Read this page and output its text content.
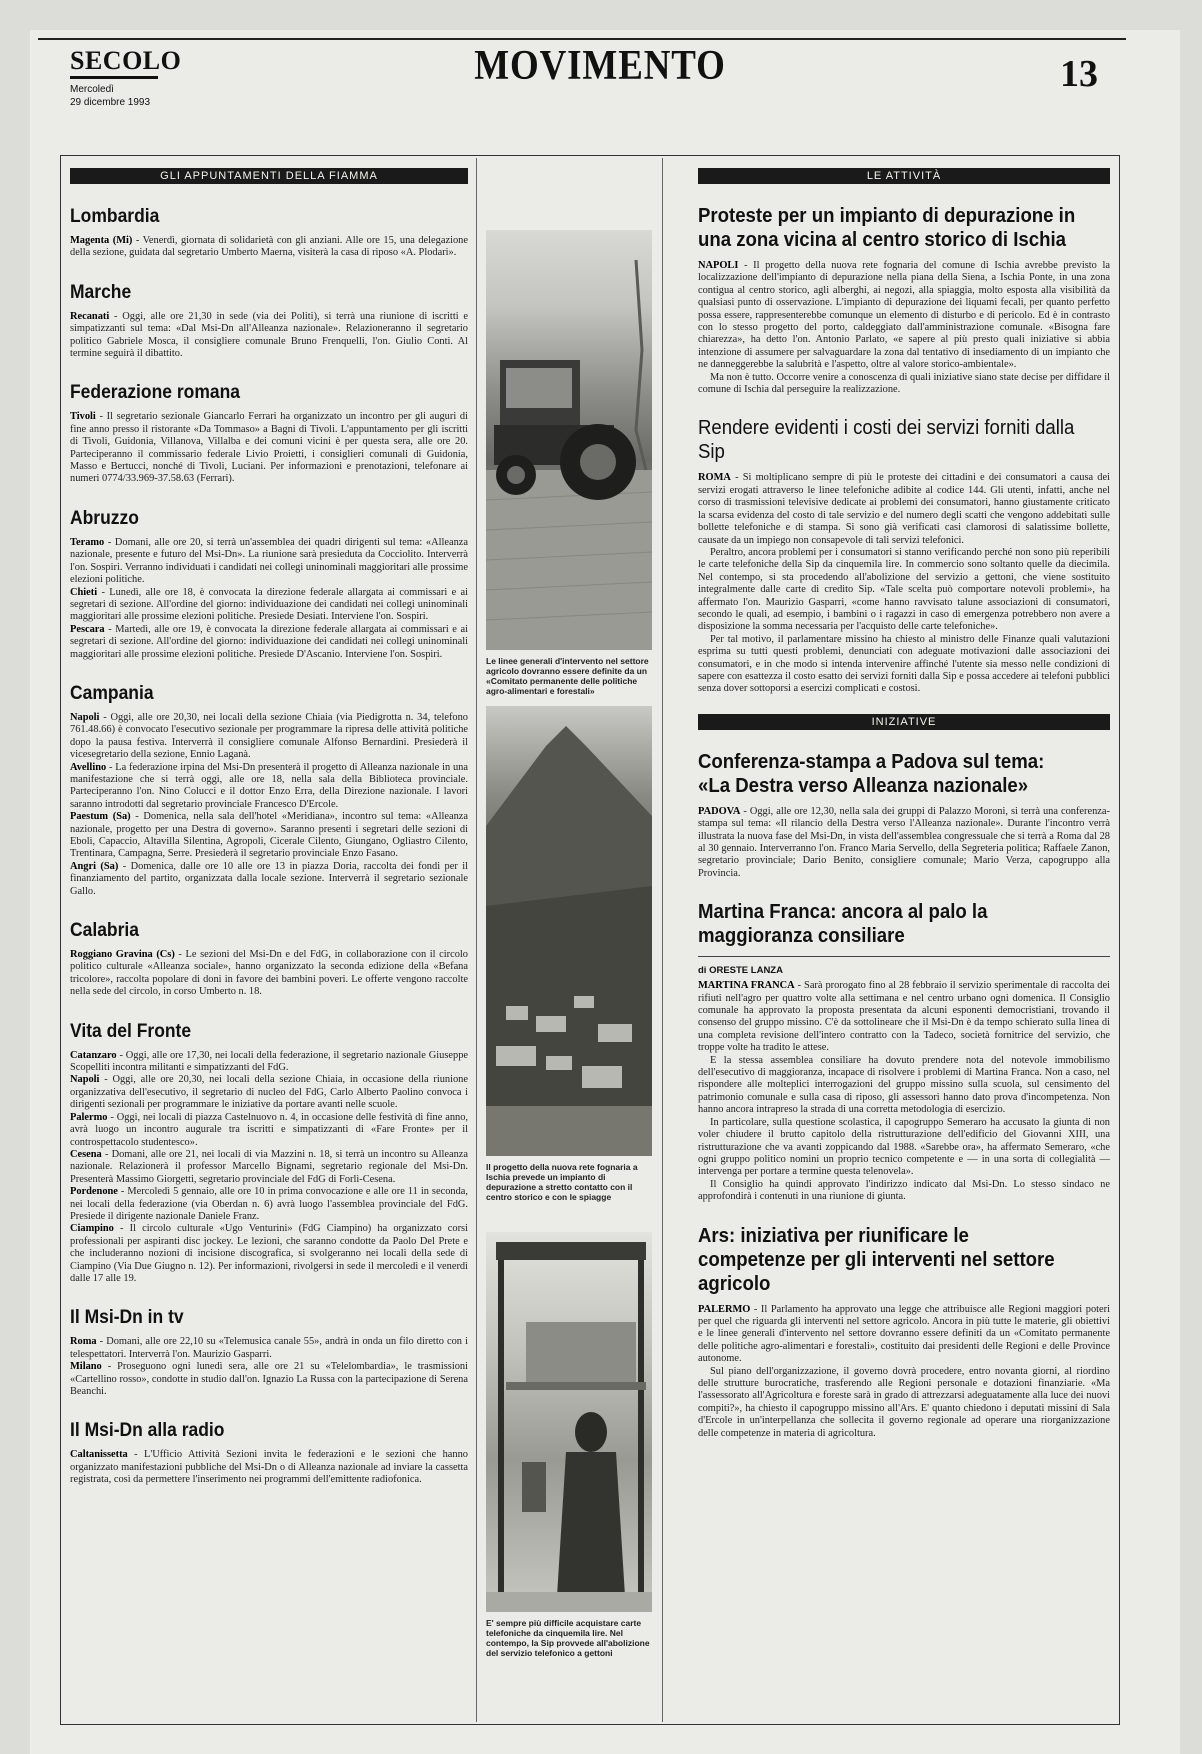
SECOLO
Mercoledì
29 dicembre 1993
MOVIMENTO	13
GLI APPUNTAMENTI DELLA FIAMMA
Lombardia

Magenta (Mi) - Venerdì, giornata di solidarietà con gli anziani. Alle ore 15, una delegazione della sezione, guidata dal segretario Umberto Maerna, visiterà la casa di riposo «A. Plodari».

Marche

Recanati - Oggi, alle ore 21,30 in sede (via dei Politi), si terrà una riunione di iscritti e simpatizzanti sul tema: «Dal Msi-Dn all'Alleanza nazionale». Relazioneranno il segretario politico Gabriele Mosca, il consigliere comunale Bruno Frenquelli, l'on. Giulio Conti. Al termine seguirà il dibattito.

Federazione romana

Tivoli - Il segretario sezionale Giancarlo Ferrari ha organizzato un incontro per gli auguri di fine anno presso il ristorante «Da Tommaso» a Bagni di Tivoli. L'appuntamento per gli iscritti di Tivoli, Guidonia, Villanova, Villalba e dei comuni vicini è per questa sera, alle ore 20. Parteciperanno il commissario federale Livio Proietti, i consiglieri comunali di Guidonia, Masso e Bertucci, nonché di Tivoli, Luciani. Per informazioni e prenotazioni, telefonare ai numeri 0774/33.969-37.58.63 (Ferrari).

Abruzzo

Teramo - Domani, alle ore 20, si terrà un'assemblea dei quadri dirigenti sul tema: «Alleanza nazionale, presente e futuro del Msi-Dn». La riunione sarà presieduta da Cocciolito. Interverrà l'on. Sospiri. Verranno individuati i candidati nei collegi uninominali maggioritari alle prossime elezioni politiche.

Chieti - Lunedì, alle ore 18, è convocata la direzione federale allargata ai commissari e ai segretari di sezione. All'ordine del giorno: individuazione dei candidati nei collegi uninominali maggioritari alle prossime elezioni politiche. Presiede Desiati. Interviene l'on. Sospiri.

Pescara - Martedì, alle ore 19, è convocata la direzione federale allargata ai commissari e ai segretari di sezione. All'ordine del giorno: individuazione dei candidati nei collegi uninominali maggioritari alle prossime elezioni politiche. Presiede D'Ascanio. Interviene l'on. Sospiri.

Campania

Napoli - Oggi, alle ore 20,30, nei locali della sezione Chiaia (via Piedigrotta n. 34, telefono 761.48.66) è convocato l'esecutivo sezionale per programmare la ripresa delle attività politiche dopo la pausa festiva. Interverrà il consigliere comunale Alfonso Bernardini. Presiederà il vicesegretario della sezione, Ennio Laganà.

Avellino - La federazione irpina del Msi-Dn presenterà il progetto di Alleanza nazionale in una manifestazione che si terrà oggi, alle ore 18, nella sala della Biblioteca provinciale. Parteciperanno l'on. Nino Colucci e il dottor Enzo Erra, della Direzione nazionale. I lavori saranno introdotti dal segretario provinciale Francesco D'Ercole.

Paestum (Sa) - Domenica, nella sala dell'hotel «Meridiana», incontro sul tema: «Alleanza nazionale, progetto per una Destra di governo». Saranno presenti i segretari delle sezioni di Eboli, Capaccio, Altavilla Silentina, Agropoli, Cicerale Cilento, Giungano, Ogliastro Cilento, Trentinara, Campagna, Serre. Presiederà il segretario provinciale Enzo Fasano.

Angri (Sa) - Domenica, dalle ore 10 alle ore 13 in piazza Doria, raccolta dei fondi per il finanziamento del partito, organizzata dalla locale sezione. Interverrà il segretario sezionale Gallo.

Calabria

Roggiano Gravina (Cs) - Le sezioni del Msi-Dn e del FdG, in collaborazione con il circolo politico culturale «Alleanza sociale», hanno organizzato la seconda edizione della «Befana tricolore», raccolta popolare di doni in favore dei bambini poveri. Le offerte vengono raccolte nella sede del circolo, in corso Umberto n. 18.

Vita del Fronte

Catanzaro - Oggi, alle ore 17,30, nei locali della federazione, il segretario nazionale Giuseppe Scopelliti incontra militanti e simpatizzanti del FdG.

Napoli - Oggi, alle ore 20,30, nei locali della sezione Chiaia, in occasione della riunione organizzativa dell'esecutivo, il segretario di nucleo del FdG, Carlo Alberto Paolino convoca i dirigenti sezionali per programmare le iniziative da portare avanti nelle scuole.

Palermo - Oggi, nei locali di piazza Castelnuovo n. 4, in occasione delle festività di fine anno, avrà luogo un incontro augurale tra iscritti e simpatizzanti di «Fare Fronte» per il controspettacolo studentesco».

Cesena - Domani, alle ore 21, nei locali di via Mazzini n. 18, si terrà un incontro su Alleanza nazionale. Relazionerà il professor Marcello Bignami, segretario regionale del Msi-Dn. Presenterà Massimo Giorgetti, segretario provinciale del FdG di Forlì-Cesena.

Pordenone - Mercoledì 5 gennaio, alle ore 10 in prima convocazione e alle ore 11 in seconda, nei locali della federazione (via Oberdan n. 6) avrà luogo l'assemblea provinciale del FdG. Presiede il dirigente nazionale Daniele Franz.

Ciampino - Il circolo culturale «Ugo Venturini» (FdG Ciampino) ha organizzato corsi professionali per aspiranti disc jockey. Le lezioni, che saranno condotte da Paolo Del Prete e che includeranno nozioni di incisione discografica, si svolgeranno nei locali della sede di Ciampino (Via Due Giugno n. 12). Per informazioni, rivolgersi in sede il mercoledì e il venerdì dalle 17 alle 19.

Il Msi-Dn in tv

Roma - Domani, alle ore 22,10 su «Telemusica canale 55», andrà in onda un filo diretto con i telespettatori. Interverrà l'on. Maurizio Gasparri.

Milano - Proseguono ogni lunedì sera, alle ore 21 su «Telelombardia», le trasmissioni «Cartellino rosso», condotte in studio dall'on. Ignazio La Russa con la partecipazione di Serena Beanchi.

Il Msi-Dn alla radio

Caltanissetta - L'Ufficio Attività Sezioni invita le federazioni e le sezioni che hanno organizzato manifestazioni pubbliche del Msi-Dn o di Alleanza nazionale ad inviare la cassetta registrata, così da permettere l'inserimento nei programmi dell'emittente radiofonica.

Le linee generali d'intervento nel settore agricolo dovranno essere definite da un «Comitato permanente delle politiche agro-alimentari e forestali»
Il progetto della nuova rete fognaria a Ischia prevede un impianto di depurazione a stretto contatto con il centro storico e con le spiagge
E' sempre più difficile acquistare carte telefoniche da cinquemila lire. Nel contempo, la Sip provvede all'abolizione del servizio telefonico a gettoni
LE ATTIVITÀ
Proteste per un impianto di depurazione in una zona vicina al centro storico di Ischia

NAPOLI - Il progetto della nuova rete fognaria del comune di Ischia avrebbe previsto la localizzazione dell'impianto di depurazione nella piana della Siena, a Ischia Ponte, in una zona contigua al centro storico, agli alberghi, ai negozi, alla spiaggia, molto esposta alla visibilità da qualsiasi punto di osservazione. L'impianto di depurazione dei liquami fecali, per quanto perfetto possa essere, rappresenterebbe comunque un elemento di disturbo e di pericolo. Ed è in contrasto con lo stesso progetto del porto, caldeggiato dall'amministrazione comunale. «Bisogna fare chiarezza», ha detto l'on. Antonio Parlato, «e sapere al più presto quali iniziative si abbia intenzione di assumere per salvaguardare la zona dal tentativo di insediamento di un impianto che ne danneggerebbe la salubrità e l'aspetto, oltre al valore storico-ambientale».

Ma non è tutto. Occorre venire a conoscenza di quali iniziative siano state decise per diffidare il comune di Ischia dal perseguire la realizzazione.

Rendere evidenti i costi dei servizi forniti dalla Sip

ROMA - Si moltiplicano sempre di più le proteste dei cittadini e dei consumatori a causa dei servizi erogati attraverso le linee telefoniche adibite al codice 144. Gli utenti, infatti, anche nel corso di trasmissioni televisive dedicate ai problemi dei consumatori, hanno giustamente criticato la scarsa evidenza del costo di tale servizio e del numero degli scatti che vengono addebitati sulle bollette telefoniche e di stampa. Si sono già verificati casi clamorosi di salatissime bollette, causate da un impiego non consapevole di tali servizi telefonici.

Peraltro, ancora problemi per i consumatori si stanno verificando perché non sono più reperibili le carte telefoniche della Sip da cinquemila lire. In commercio sono soltanto quelle da diecimila. Nel contempo, si sta procedendo all'abolizione del servizio a gettoni, che viene sostituito integralmente dalle carte di credito Sip. «Tale scelta può comportare notevoli problemi», ha affermato l'on. Maurizio Gasparri, «come hanno ravvisato talune associazioni di consumatori, secondo le quali, ad esempio, i bambini o i ragazzi in caso di emergenza potrebbero non avere a disposizione la somma necessaria per l'acquisto delle carte telefoniche».

Per tal motivo, il parlamentare missino ha chiesto al ministro delle Finanze quali valutazioni esprima su tutti questi problemi, denunciati con adeguate motivazioni dalle associazioni dei consumatori, e in che modo si intenda intervenire affinché l'utente sia messo nelle condizioni di sapere con esattezza il costo esatto dei servizi forniti dalla Sip e possa accedere ai telefoni pubblici senza dover sottoporsi a esercizi complicati e costosi.

INIZIATIVE
Conferenza-stampa a Padova sul tema: «La Destra verso Alleanza nazionale»

PADOVA - Oggi, alle ore 12,30, nella sala dei gruppi di Palazzo Moroni, si terrà una conferenza-stampa sul tema: «Il rilancio della Destra verso l'Alleanza nazionale». Durante l'incontro verrà illustrata la nuova fase del Msi-Dn, in vista dell'assemblea congressuale che si terrà a Roma dal 28 al 30 gennaio. Interverranno l'on. Franco Maria Servello, della Segreteria politica; Raffaele Zanon, segretario provinciale; Dario Benito, consigliere comunale; Mario Verza, capogruppo alla Provincia.

Martina Franca: ancora al palo la maggioranza consiliare
di ORESTE LANZA

MARTINA FRANCA - Sarà prorogato fino al 28 febbraio il servizio sperimentale di raccolta dei rifiuti nell'agro per quattro volte alla settimana e nel centro urbano ogni domenica. Il Consiglio comunale ha approvato la proposta presentata da alcuni esponenti democristiani, trovando il consenso del gruppo missino. C'è da sottolineare che il Msi-Dn è da tempo schierato sulla linea di una completa revisione dell'intero contratto con la Tadeco, società fornitrice del servizio, che troppe volte ha tradito le attese.

E la stessa assemblea consiliare ha dovuto prendere nota del notevole immobilismo dell'esecutivo di maggioranza, incapace di risolvere i problemi di Martina Franca. Non a caso, nel rispondere alle molteplici interrogazioni del gruppo missino sulla scuola, sul censimento del patrimonio comunale e sulla casa di riposo, gli assessori hanno dato prova d'incompetenza. Non hanno ancora intrapreso la strada di una corretta metodologia di esercizio.

In particolare, sulla questione scolastica, il capogruppo Semeraro ha accusato la giunta di non voler chiudere il brutto capitolo della ristrutturazione dell'edificio del Giovanni XIII, una ristrutturazione che va avanti zoppicando dal 1988. «Sarebbe ora», ha affermato Semeraro, «che ogni gruppo politico nomini un proprio tecnico competente e — in una sorta di collegialità — intervenga per portare a termine questa telenovela».

Il Consiglio ha quindi approvato l'indirizzo indicato dal Msi-Dn. Lo stesso sindaco ne approfondirà i contenuti in una riunione di giunta.

Ars: iniziativa per riunificare le competenze per gli interventi nel settore agricolo

PALERMO - Il Parlamento ha approvato una legge che attribuisce alle Regioni maggiori poteri per quel che riguarda gli interventi nel settore agricolo. Ancora in più tutte le materie, gli obiettivi e le linee generali d'intervento nel settore dovranno essere definiti da un «Comitato permanente delle politiche agro-alimentari e forestali», costituito dai presidenti delle Regioni e delle Province autonome.

Sul piano dell'organizzazione, il governo dovrà procedere, entro novanta giorni, al riordino delle strutture burocratiche, trasferendo alle Regioni personale e dotazioni finanziarie. «Ma l'assessorato all'Agricoltura e foreste sarà in grado di attrezzarsi adeguatamente alla luce dei nuovi compiti?», ha chiesto il capogruppo missino all'Ars. E' quanto chiedono i deputati missini di Sala d'Ercole in un'interpellanza che sollecita il governo regionale ad operare una riorganizzazione delle competenze in materia di agricoltura.
